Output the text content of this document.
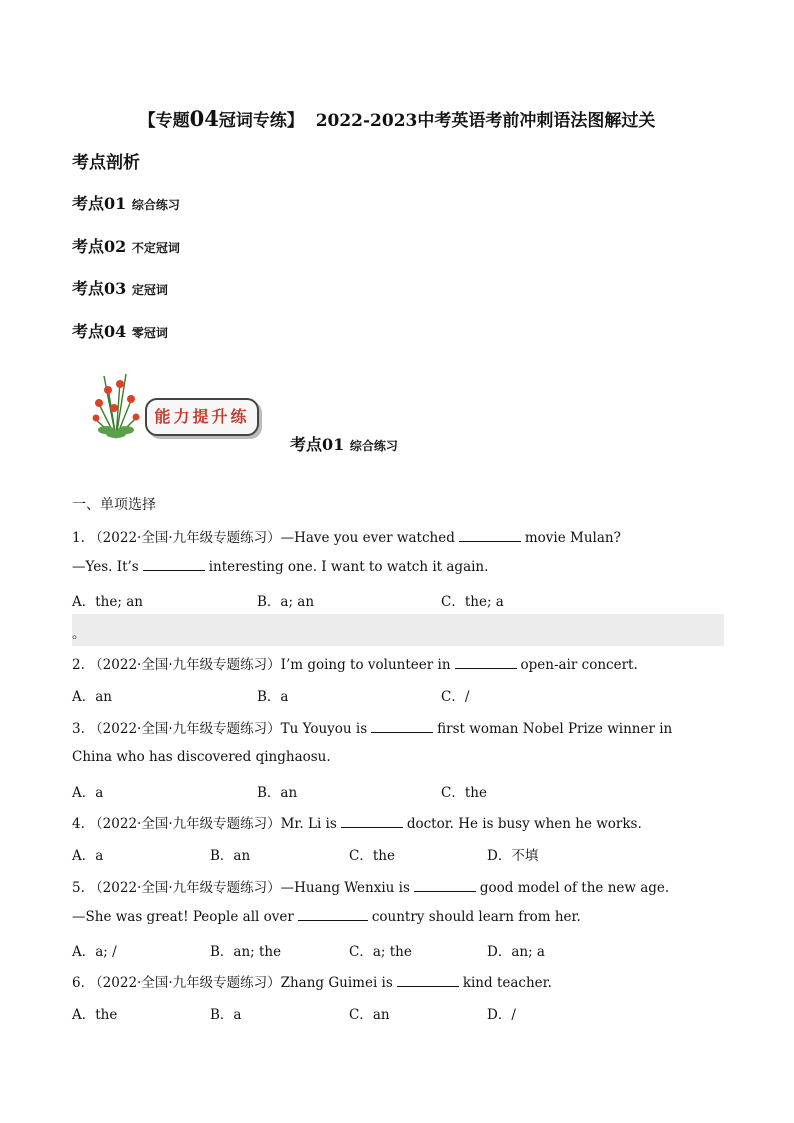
【专题04冠词专练】 2022-2023中考英语考前冲刺语法图解过关
考点剖析
考点01 综合练习
考点02 不定冠词
考点03 定冠词
考点04 零冠词
能力提升练
考点01 综合练习
一、单项选择
1. （2022·全国·九年级专题练习）—Have you ever watched	movie Mulan?
—Yes. It’s	interesting one. I want to watch it again.
A．the; an	B．a; an	C．the; a
。
2. （2022·全国·九年级专题练习）I’m going to volunteer in	open-air concert.
A．an	B．a	C．/
3. （2022·全国·九年级专题练习）Tu Youyou is	first woman Nobel Prize winner in
China who has discovered qinghaosu.
A．a	B．an	C．the
4. （2022·全国·九年级专题练习）Mr. Li is	doctor. He is busy when he works.
A．a	B．an	C．the	D．不填
5. （2022·全国·九年级专题练习）—Huang Wenxiu is	good model of the new age.
—She was great! People all over	country should learn from her.
A．a; /	B．an; the	C．a; the	D．an; a
6. （2022·全国·九年级专题练习）Zhang Guimei is	kind teacher.
A．the	B．a	C．an	D．/
